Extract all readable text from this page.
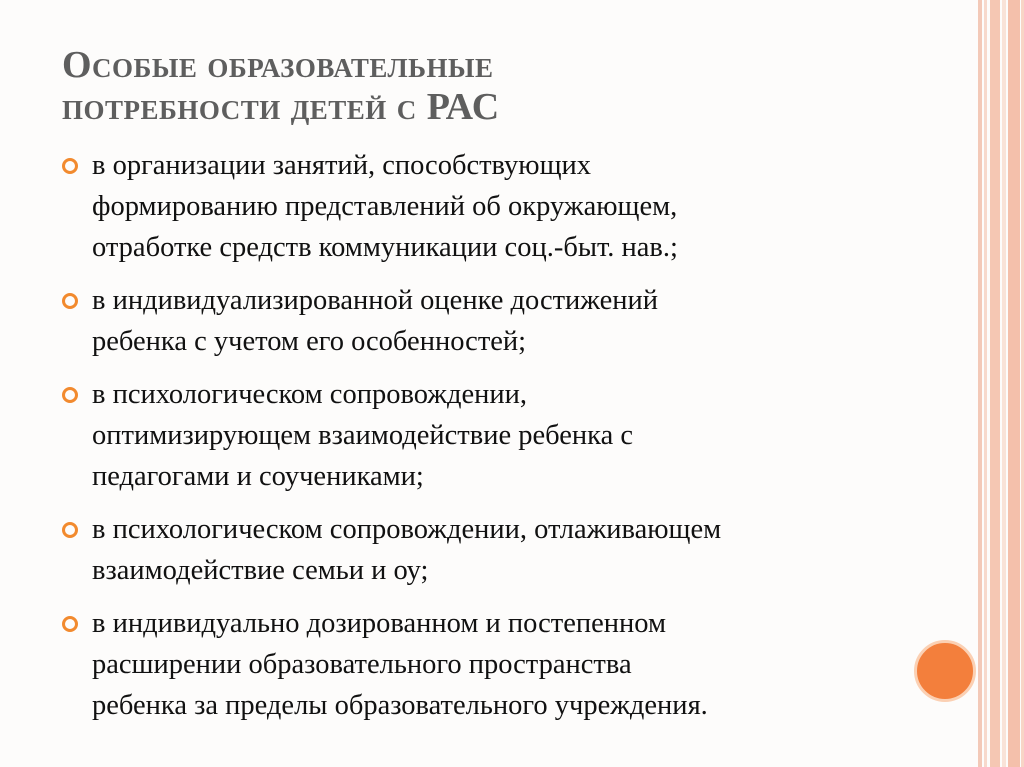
Особые образовательные
потребности детей с РАС
в организации занятий, способствующих
формированию представлений об окружающем,
отработке средств коммуникации соц.-быт. нав.;
в индивидуализированной оценке достижений
ребенка с учетом его особенностей;
в психологическом сопровождении,
оптимизирующем взаимодействие ребенка с
педагогами и соучениками;
в психологическом сопровождении, отлаживающем
взаимодействие семьи и оу;
в индивидуально дозированном и постепенном
расширении образовательного пространства
ребенка за пределы образовательного учреждения.
